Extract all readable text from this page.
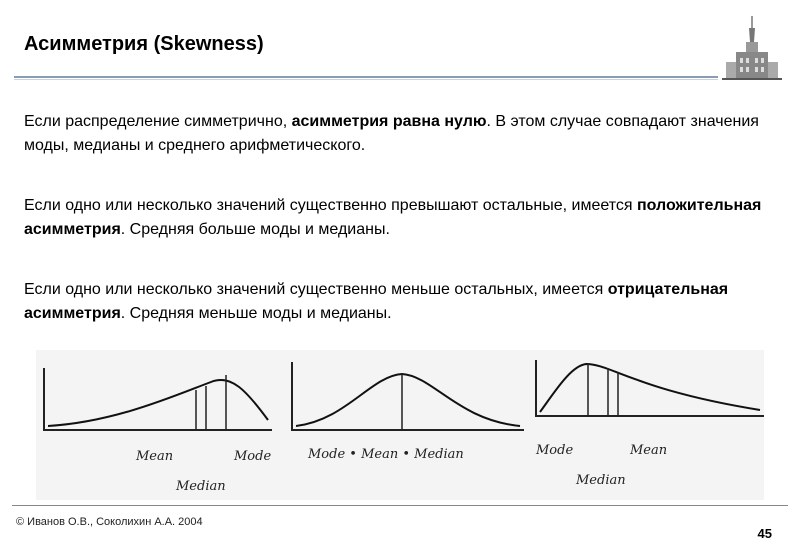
Асимметрия (Skewness)
Если распределение симметрично, асимметрия равна нулю. В этом случае совпадают значения моды, медианы и среднего арифметического.
Если одно или несколько значений существенно превышают остальные, имеется положительная асимметрия. Средняя больше моды и медианы.
Если одно или несколько значений существенно меньше остальных, имеется отрицательная асимметрия. Средняя меньше моды и медианы.
Mean	Mode
Median
Mode • Mean • Median	Mode	Mean
Median
© Иванов О.В., Соколихин А.А. 2004
45
